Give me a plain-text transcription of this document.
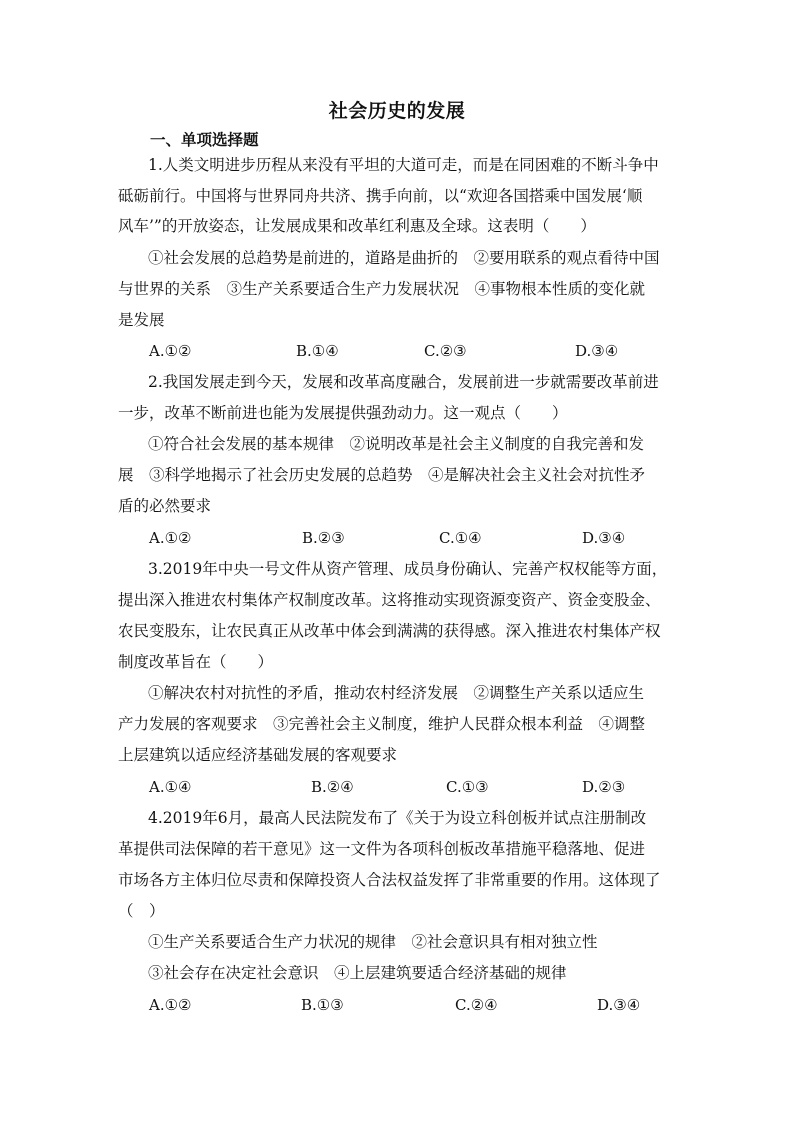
社会历史的发展
一、单项选择题
1.人类文明进步历程从来没有平坦的大道可走，而是在同困难的不断斗争中
砥砺前行。中国将与世界同舟共济、携手向前，以“欢迎各国搭乘中国发展‘顺
风车’”的开放姿态，让发展成果和改革红利惠及全球。这表明（　　）
①社会发展的总趋势是前进的，道路是曲折的　②要用联系的观点看待中国
与世界的关系　③生产关系要适合生产力发展状况　④事物根本性质的变化就
是发展
A.①②	B.①④	C.②③	D.③④
2.我国发展走到今天，发展和改革高度融合，发展前进一步就需要改革前进
一步，改革不断前进也能为发展提供强劲动力。这一观点（　　）
①符合社会发展的基本规律　②说明改革是社会主义制度的自我完善和发
展　③科学地揭示了社会历史发展的总趋势　④是解决社会主义社会对抗性矛
盾的必然要求
A.①②	B.②③	C.①④	D.③④
3.2019年中央一号文件从资产管理、成员身份确认、完善产权权能等方面，
提出深入推进农村集体产权制度改革。这将推动实现资源变资产、资金变股金、
农民变股东，让农民真正从改革中体会到满满的获得感。深入推进农村集体产权
制度改革旨在（　　）
①解决农村对抗性的矛盾，推动农村经济发展　②调整生产关系以适应生
产力发展的客观要求　③完善社会主义制度，维护人民群众根本利益　④调整
上层建筑以适应经济基础发展的客观要求
A.①④	B.②④	C.①③	D.②③
4.2019年6月，最高人民法院发布了《关于为设立科创板并试点注册制改
革提供司法保障的若干意见》这一文件为各项科创板改革措施平稳落地、促进
市场各方主体归位尽责和保障投资人合法权益发挥了非常重要的作用。这体现了
（　）
①生产关系要适合生产力状况的规律　②社会意识具有相对独立性
③社会存在决定社会意识　④上层建筑要适合经济基础的规律
A.①②	B.①③	C.②④	D.③④
